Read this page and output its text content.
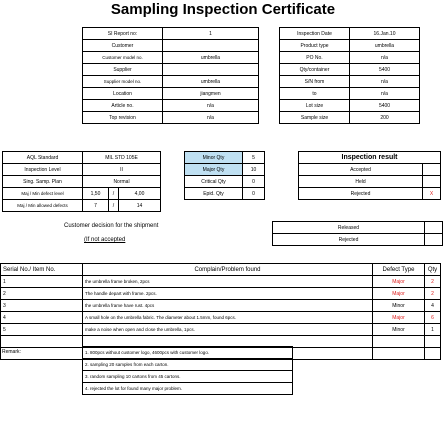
Sampling Inspection Certificate
SI Report no:	1
Customer	
Customer model no.	umbrella
Supplier	
Supplier model no.	umbrella
Location	jiangmen
Article no.	n/a
Top revision	n/a
Inspection Date	16.Jan.10
Product type	umbrella
PO No.	n/a
Qty/container	5400
S/N from	n/a
to	n/a
Lot size	5400
Sample size	200
AQL Standard	MIL STD 105E		
Inspection Level	II		
Sing. Samp. Plan	Normal		
Maj / Min defect level	1,50	/	4,00
Maj / Min allowed defects	7	/	14
Minor Qty	5
Major Qty	10
Critical Qty	0
Epid. Qty	0
Inspection result	
Accepted	
Held	
Rejected	X
Customer decision for the shipment
(If not accepted
Released	
Rejected	
Serial No./ Item No.	Complain/Problem found	Defect Type	Qty
1	the umbrella frame broken, 2pcs	Major	2
2	The handle depart with frame. 2pcs.	Major	2
3	the umbrella frame have rust. 4pcs	Minor	4
4	A small hole on the umbrella fabric. The diameter about 1.5mm, found 6pcs.	Major	6
5	make a noise when open and close the umbrella, 1pcs.	Minor	1

Remark:	1. 800pcs without customer logo, 4600pcs with customer logo.
2. sampling 20 samples from each carton.
3. random sampling 10 cartons from 45 cartons.
4. rejected the lot for found many major problem.
